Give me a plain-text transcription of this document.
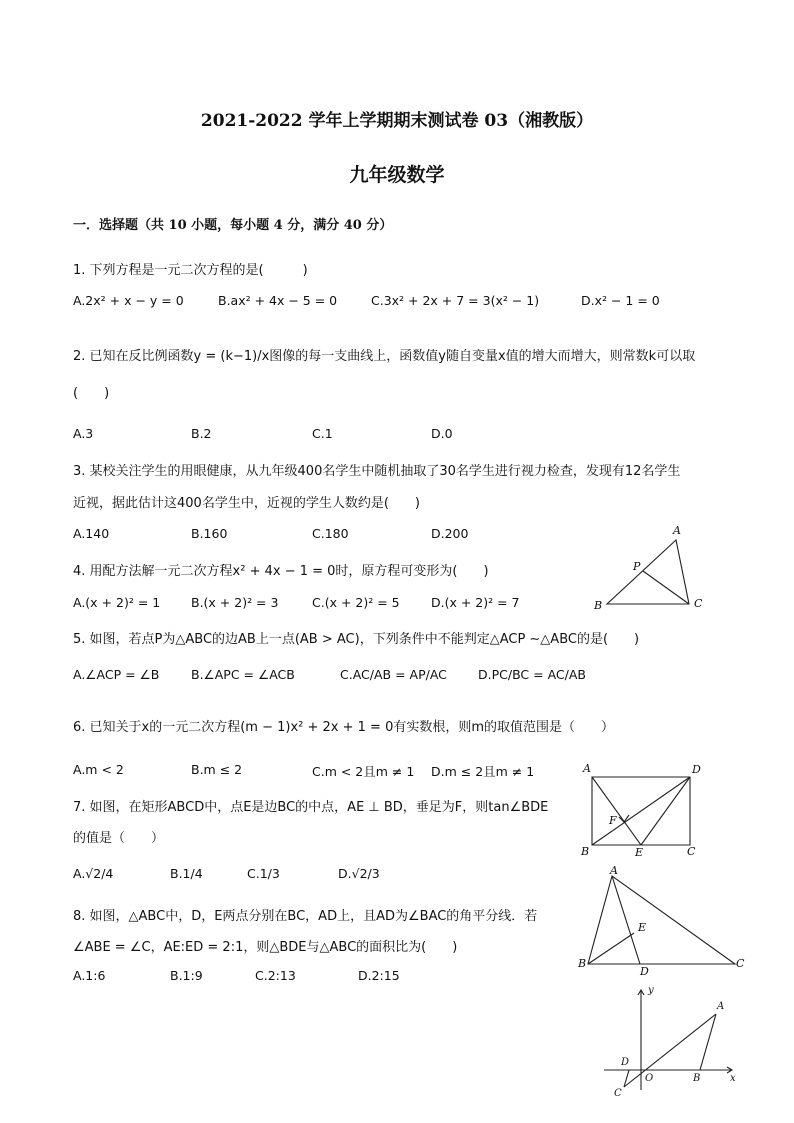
2021-2022 学年上学期期末测试卷 03（湘教版）
九年级数学
一．选择题（共 10 小题，每小题 4 分，满分 40 分）
1. 下列方程是一元二次方程的是(　　　)
A.2x² + x − y = 0	B.ax² + 4x − 5 = 0	C.3x² + 2x + 7 = 3(x² − 1)	D.x² − 1 = 0
2. 已知在反比例函数y = (k−1)/x图像的每一支曲线上，函数值y随自变量x值的增大而增大，则常数k可以取
(　　)
A.3	B.2	C.1	D.0
3. 某校关注学生的用眼健康，从九年级400名学生中随机抽取了30名学生进行视力检查，发现有12名学生
近视，据此估计这400名学生中，近视的学生人数约是(　　)
A.140	B.160	C.180	D.200
4. 用配方法解一元二次方程x² + 4x − 1 = 0时，原方程可变形为(　　)
A.(x + 2)² = 1 B.(x + 2)² = 3	C.(x + 2)² = 5	D.(x + 2)² = 7
5. 如图，若点P为△ABC的边AB上一点(AB > AC)，下列条件中不能判定△ACP ∼△ABC的是(　　)
A.∠ACP = ∠B	B.∠APC = ∠ACB	C.AC/AB = AP/AC D.PC/BC = AC/AB
6. 已知关于x的一元二次方程(m − 1)x² + 2x + 1 = 0有实数根，则m的取值范围是（　　）
A.m < 2	B.m ≤ 2	C.m < 2且m ≠ 1 D.m ≤ 2且m ≠ 1
7. 如图，在矩形ABCD中，点E是边BC的中点，AE ⊥ BD，垂足为F，则tan∠BDE
的值是（　　）
A.√2/4	B.1/4	C.1/3	D.√2/3
8. 如图，△ABC中，D，E两点分别在BC，AD上，且AD为∠BAC的角平分线．若
∠ABE = ∠C，AE:ED = 2:1，则△BDE与△ABC的面积比为(　　)
A.1:6	B.1:9	C.2:13	D.2:15
A
P
B	C
A	D
F
B	E	C
A
E
B
D
C
y
A
D
O	B	x
C
